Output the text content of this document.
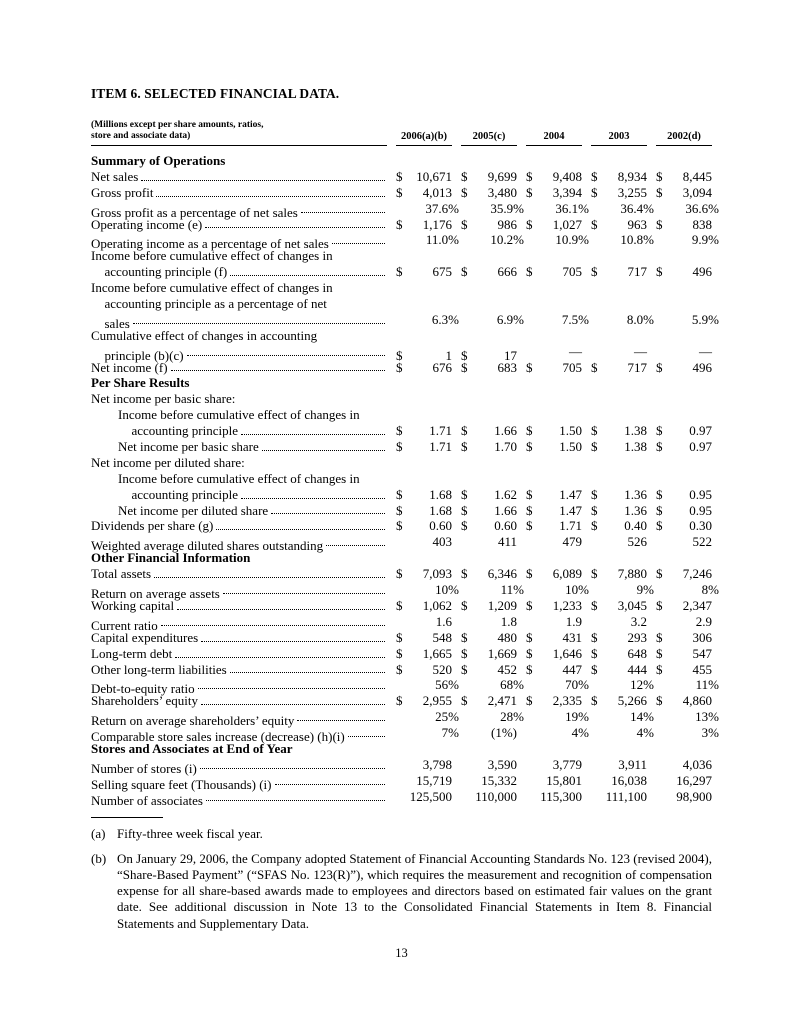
ITEM 6. SELECTED FINANCIAL DATA.
(Millions except per share amounts, ratios,
store and associate data)	2006(a)(b)	2005(c)	2004	2003	2002(d)
Summary of Operations
Net sales	$ 10,671 $ 9,699 $ 9,408 $ 8,934 $ 8,445
Gross profit	$ 4,013 $ 3,480 $ 3,394 $ 3,255 $ 3,094
Gross profit as a percentage of net sales	37.6% 35.9% 36.1% 36.4% 36.6%
Operating income (e)	$ 1,176 $ 986 $ 1,027 $ 963 $ 838
Operating income as a percentage of net sales	11.0% 10.2% 10.9% 10.8%	9.9%
Income before cumulative effect of changes in
accounting principle (f)	$ 675 $ 666 $ 705 $ 717 $ 496
Income before cumulative effect of changes in
accounting principle as a percentage of net
sales	6.3%	6.9%	7.5%	8.0%	5.9%
Cumulative effect of changes in accounting
principle (b)(c)	$	1 $	17	—	—	—
Net income (f)	$ 676 $ 683 $ 705 $ 717 $ 496
Per Share Results
Net income per basic share:
Income before cumulative effect of changes in
accounting principle	$ 1.71 $ 1.66 $ 1.50 $ 1.38 $ 0.97
Net income per basic share	$ 1.71 $ 1.70 $ 1.50 $ 1.38 $ 0.97
Net income per diluted share:
Income before cumulative effect of changes in
accounting principle	$ 1.68 $ 1.62 $ 1.47 $ 1.36 $ 0.95
Net income per diluted share	$ 1.68 $ 1.66 $ 1.47 $ 1.36 $ 0.95
Dividends per share (g)	$ 0.60 $ 0.60 $ 1.71 $ 0.40 $ 0.30
Weighted average diluted shares outstanding	403	411	479	526	522
Other Financial Information
Total assets	$ 7,093 $ 6,346 $ 6,089 $ 7,880 $ 7,246
Return on average assets	10%	11%	10%	9%	8%
Working capital	$ 1,062 $ 1,209 $ 1,233 $ 3,045 $ 2,347
Current ratio	1.6	1.8	1.9	3.2	2.9
Capital expenditures	$ 548 $ 480 $ 431 $ 293 $ 306
Long-term debt	$ 1,665 $ 1,669 $ 1,646 $ 648 $ 547
Other long-term liabilities	$ 520 $ 452 $ 447 $ 444 $ 455
Debt-to-equity ratio	56%	68%	70%	12%	11%
Shareholders’ equity	$ 2,955 $ 2,471 $ 2,335 $ 5,266 $ 4,860
Return on average shareholders’ equity	25%	28%	19%	14%	13%
Comparable store sales increase (decrease) (h)(i)	7% (1%)	4%	4%	3%
Stores and Associates at End of Year
Number of stores (i)	3,798	3,590	3,779	3,911	4,036
Selling square feet (Thousands) (i)	15,719 15,332 15,801 16,038 16,297
Number of associates	125,500 110,000 115,300 111,100 98,900
(a) Fifty-three week fiscal year.
(b) On January 29, 2006, the Company adopted Statement of Financial Accounting Standards No. 123 (revised 2004), “Share-Based Payment” (“SFAS No. 123(R)”), which requires the measurement and recognition of compensation expense for all share-based awards made to employees and directors based on estimated fair values on the grant date. See additional discussion in Note 13 to the Consolidated Financial Statements in Item 8. Financial Statements and Supplementary Data.
13
